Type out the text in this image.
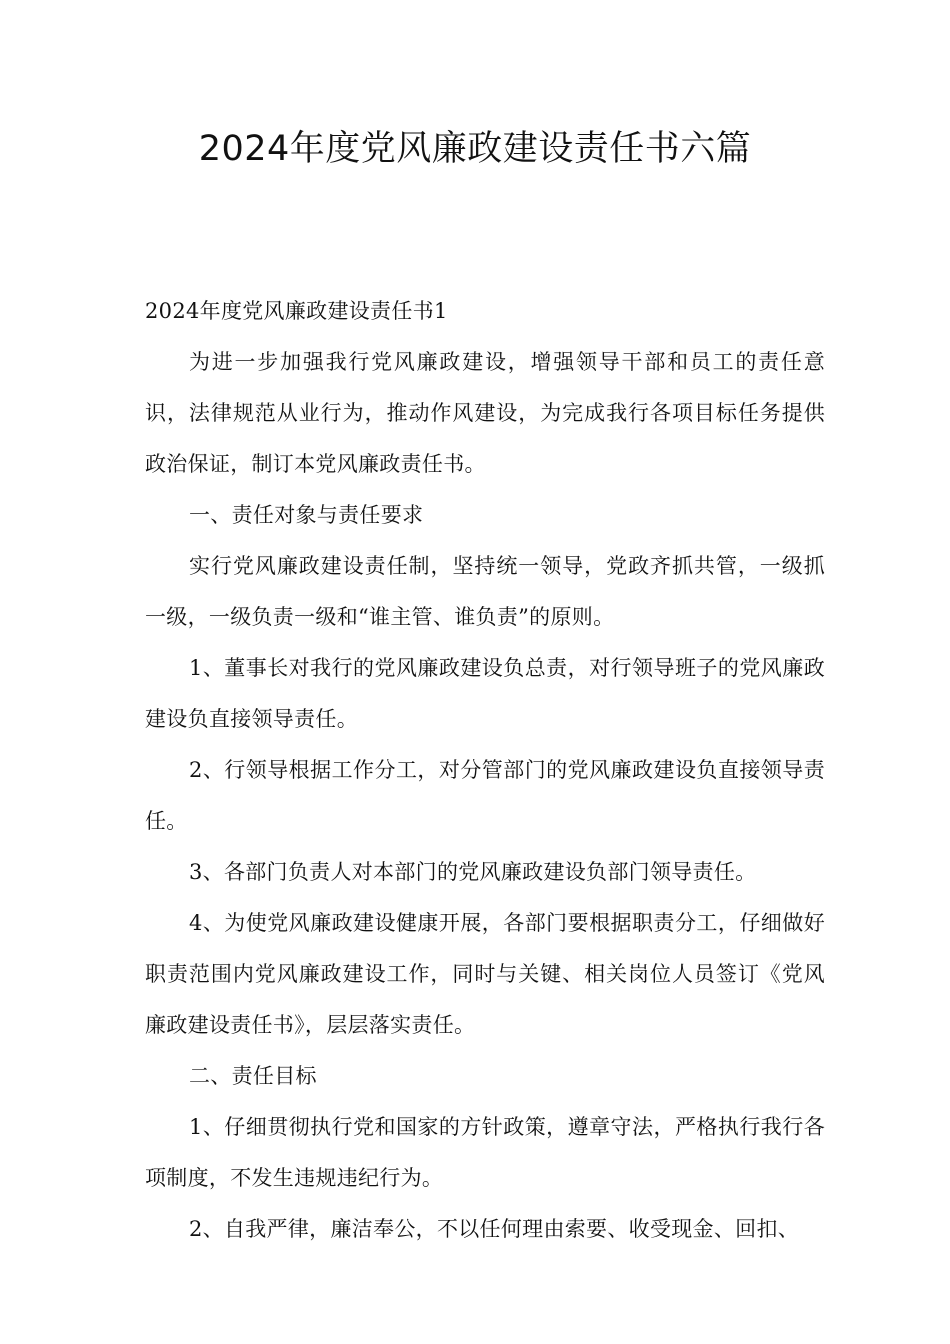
2024年度党风廉政建设责任书六篇

2024年度党风廉政建设责任书1

为进一步加强我行党风廉政建设，增强领导干部和员工的责任意识，法律规范从业行为，推动作风建设，为完成我行各项目标任务提供政治保证，制订本党风廉政责任书。

一、责任对象与责任要求

实行党风廉政建设责任制，坚持统一领导，党政齐抓共管，一级抓一级，一级负责一级和“谁主管、谁负责”的原则。

1、董事长对我行的党风廉政建设负总责，对行领导班子的党风廉政建设负直接领导责任。

2、行领导根据工作分工，对分管部门的党风廉政建设负直接领导责任。

3、各部门负责人对本部门的党风廉政建设负部门领导责任。

4、为使党风廉政建设健康开展，各部门要根据职责分工，仔细做好职责范围内党风廉政建设工作，同时与关键、相关岗位人员签订《党风廉政建设责任书》，层层落实责任。

二、责任目标

1、仔细贯彻执行党和国家的方针政策，遵章守法，严格执行我行各项制度，不发生违规违纪行为。

2、自我严律，廉洁奉公，不以任何理由索要、收受现金、回扣、
